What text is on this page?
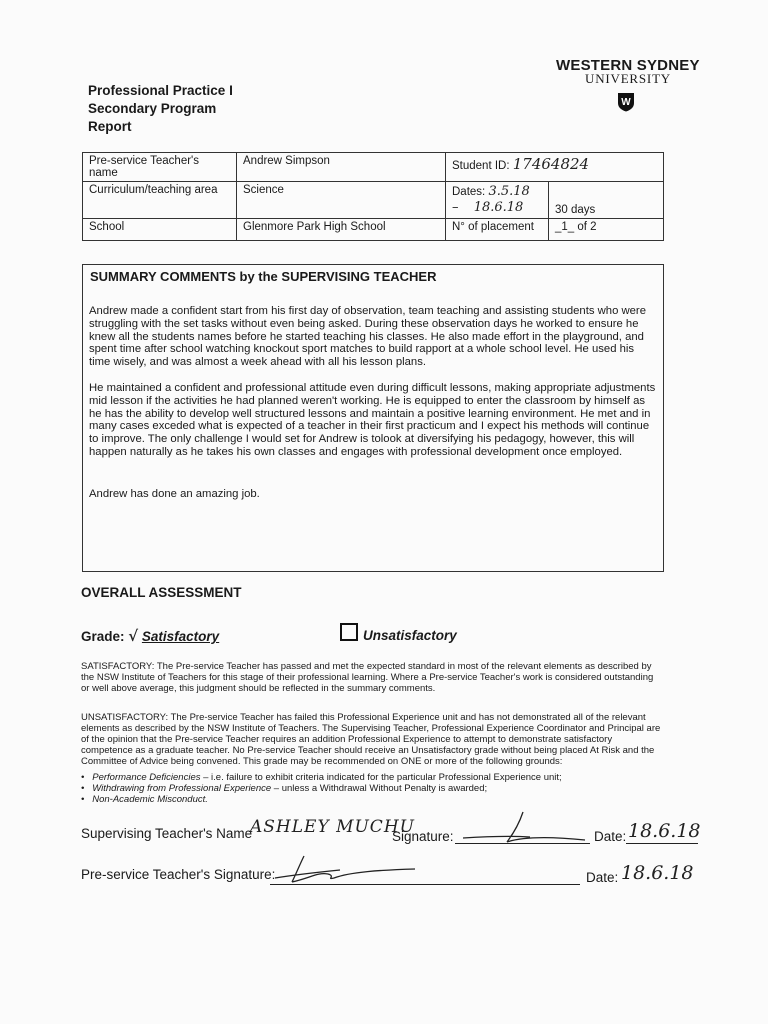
Professional Practice I
Secondary Program
Report
WESTERN SYDNEY
UNIVERSITY
W
Pre-service Teacher's name	Andrew Simpson	Student ID: 17464824	
Curriculum/teaching area	Science	Dates: 3.5.18
– 18.6.18	30 days
School	Glenmore Park High School	N° of placement	_1_ of 2
SUMMARY COMMENTS by the SUPERVISING TEACHER
Andrew made a confident start from his first day of observation, team teaching and assisting students who were struggling with the set tasks without even being asked. During these observation days he worked to ensure he knew all the students names before he started teaching his classes. He also made effort in the playground, and spent time after school watching knockout sport matches to build rapport at a whole school level. He used his time wisely, and was almost a week ahead with all his lesson plans.
He maintained a confident and professional attitude even during difficult lessons, making appropriate adjustments mid lesson if the activities he had planned weren't working. He is equipped to enter the classroom by himself as he has the ability to develop well structured lessons and maintain a positive learning environment. He met and in many cases exceded what is expected of a teacher in their first practicum and I expect his methods will continue to improve. The only challenge I would set for Andrew is tolook at diversifying his pedagogy, however, this will happen naturally as he takes his own classes and engages with professional development once employed.
Andrew has done an amazing job.
OVERALL ASSESSMENT
Grade: √ Satisfactory	Unsatisfactory
SATISFACTORY: The Pre-service Teacher has passed and met the expected standard in most of the relevant elements as described by the NSW Institute of Teachers for this stage of their professional learning. Where a Pre-service Teacher's work is considered outstanding or well above average, this judgment should be reflected in the summary comments.
UNSATISFACTORY: The Pre-service Teacher has failed this Professional Experience unit and has not demonstrated all of the relevant elements as described by the NSW Institute of Teachers. The Supervising Teacher, Professional Experience Coordinator and Principal are of the opinion that the Pre-service Teacher requires an addition Professional Experience to attempt to demonstrate satisfactory competence as a graduate teacher. No Pre-service Teacher should receive an Unsatisfactory grade without being placed At Risk and the Committee of Advice being convened. This grade may be recommended on ONE or more of the following grounds:
•   Performance Deficiencies – i.e. failure to exhibit criteria indicated for the particular Professional Experience unit;
•   Withdrawing from Professional Experience – unless a Withdrawal Without Penalty is awarded;
•   Non-Academic Misconduct.
Supervising Teacher's Name
ASHLEY MUCHU
Signature:	Date: 18.6.18
Pre-service Teacher's Signature:	Date: 18.6.18
